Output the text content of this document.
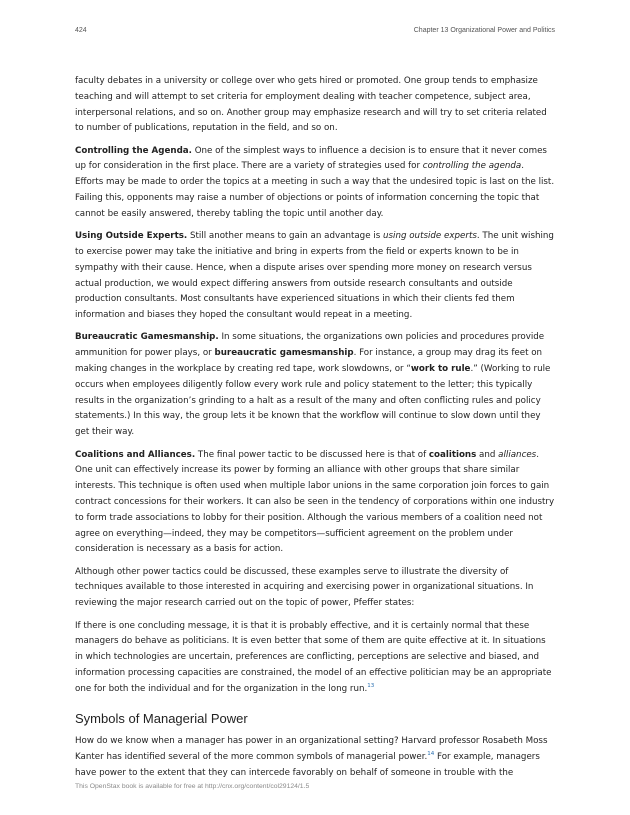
424	Chapter 13 Organizational Power and Politics

faculty debates in a university or college over who gets hired or promoted. One group tends to emphasize teaching and will attempt to set criteria for employment dealing with teacher competence, subject area, interpersonal relations, and so on. Another group may emphasize research and will try to set criteria related to number of publications, reputation in the field, and so on.

Controlling the Agenda. One of the simplest ways to influence a decision is to ensure that it never comes up for consideration in the first place. There are a variety of strategies used for controlling the agenda. Efforts may be made to order the topics at a meeting in such a way that the undesired topic is last on the list. Failing this, opponents may raise a number of objections or points of information concerning the topic that cannot be easily answered, thereby tabling the topic until another day.

Using Outside Experts. Still another means to gain an advantage is using outside experts. The unit wishing to exercise power may take the initiative and bring in experts from the field or experts known to be in sympathy with their cause. Hence, when a dispute arises over spending more money on research versus actual production, we would expect differing answers from outside research consultants and outside production consultants. Most consultants have experienced situations in which their clients fed them information and biases they hoped the consultant would repeat in a meeting.

Bureaucratic Gamesmanship. In some situations, the organizations own policies and procedures provide ammunition for power plays, or bureaucratic gamesmanship. For instance, a group may drag its feet on making changes in the workplace by creating red tape, work slowdowns, or “work to rule.” (Working to rule occurs when employees diligently follow every work rule and policy statement to the letter; this typically results in the organization’s grinding to a halt as a result of the many and often conflicting rules and policy statements.) In this way, the group lets it be known that the workflow will continue to slow down until they get their way.

Coalitions and Alliances. The final power tactic to be discussed here is that of coalitions and alliances. One unit can effectively increase its power by forming an alliance with other groups that share similar interests. This technique is often used when multiple labor unions in the same corporation join forces to gain contract concessions for their workers. It can also be seen in the tendency of corporations within one industry to form trade associations to lobby for their position. Although the various members of a coalition need not agree on everything—indeed, they may be competitors—sufficient agreement on the problem under consideration is necessary as a basis for action.

Although other power tactics could be discussed, these examples serve to illustrate the diversity of techniques available to those interested in acquiring and exercising power in organizational situations. In reviewing the major research carried out on the topic of power, Pfeffer states:

If there is one concluding message, it is that it is probably effective, and it is certainly normal that these managers do behave as politicians. It is even better that some of them are quite effective at it. In situations in which technologies are uncertain, preferences are conflicting, perceptions are selective and biased, and information processing capacities are constrained, the model of an effective politician may be an appropriate one for both the individual and for the organization in the long run.$^{13}$

Symbols of Managerial Power

How do we know when a manager has power in an organizational setting? Harvard professor Rosabeth Moss Kanter has identified several of the more common symbols of managerial power.$^{14}$ For example, managers have power to the extent that they can intercede favorably on behalf of someone in trouble with the

This OpenStax book is available for free at http://cnx.org/content/col29124/1.5
